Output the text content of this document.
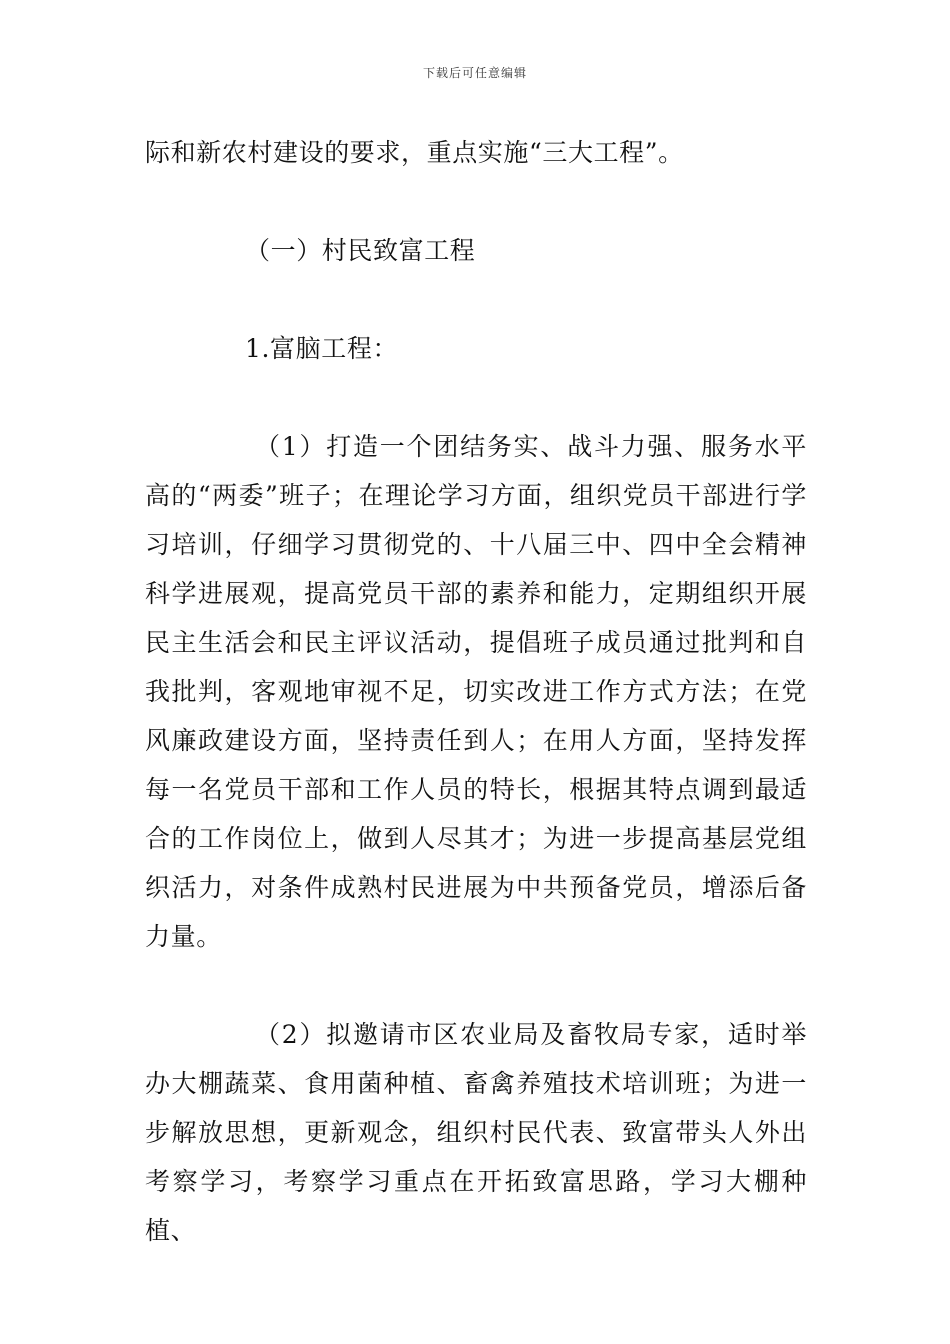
下载后可任意编辑

际和新农村建设的要求，重点实施“三大工程”。

（一）村民致富工程

1.富脑工程：

（1）打造一个团结务实、战斗力强、服务水平高的“两委”班子；在理论学习方面，组织党员干部进行学习培训，仔细学习贯彻党的、十八届三中、四中全会精神科学进展观，提高党员干部的素养和能力，定期组织开展民主生活会和民主评议活动，提倡班子成员通过批判和自我批判，客观地审视不足，切实改进工作方式方法；在党风廉政建设方面，坚持责任到人；在用人方面，坚持发挥每一名党员干部和工作人员的特长，根据其特点调到最适合的工作岗位上，做到人尽其才；为进一步提高基层党组织活力，对条件成熟村民进展为中共预备党员，增添后备力量。

（2）拟邀请市区农业局及畜牧局专家，适时举办大棚蔬菜、食用菌种植、畜禽养殖技术培训班；为进一步解放思想，更新观念，组织村民代表、致富带头人外出考察学习，考察学习重点在开拓致富思路，学习大棚种植、
